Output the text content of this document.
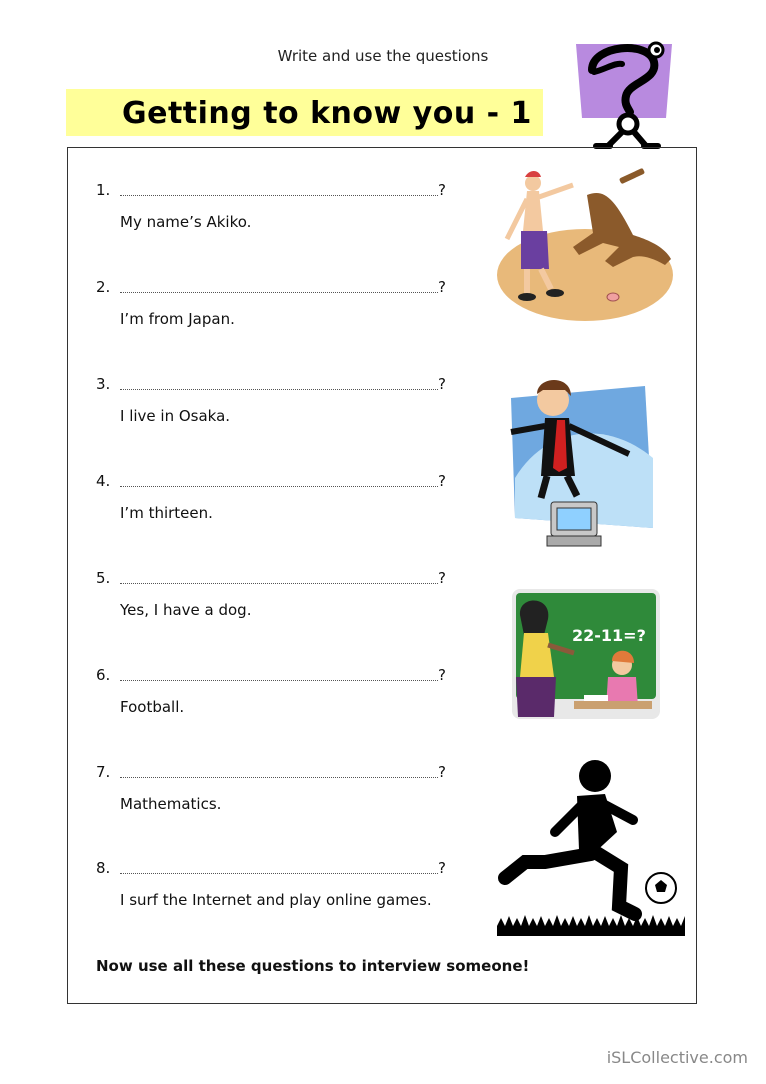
Write and use the questions
Getting to know you - 1
1.	?
My name’s Akiko.
2.	?
I’m from Japan.
3.	?
I live in Osaka.
4.	?
I’m thirteen.
5.	?
Yes, I have a dog.
6.	?
Football.
7.	?
Mathematics.
8.	?
I surf the Internet and play online games.
Now use all these questions to interview someone!
22-11=?
iSLCollective.com
